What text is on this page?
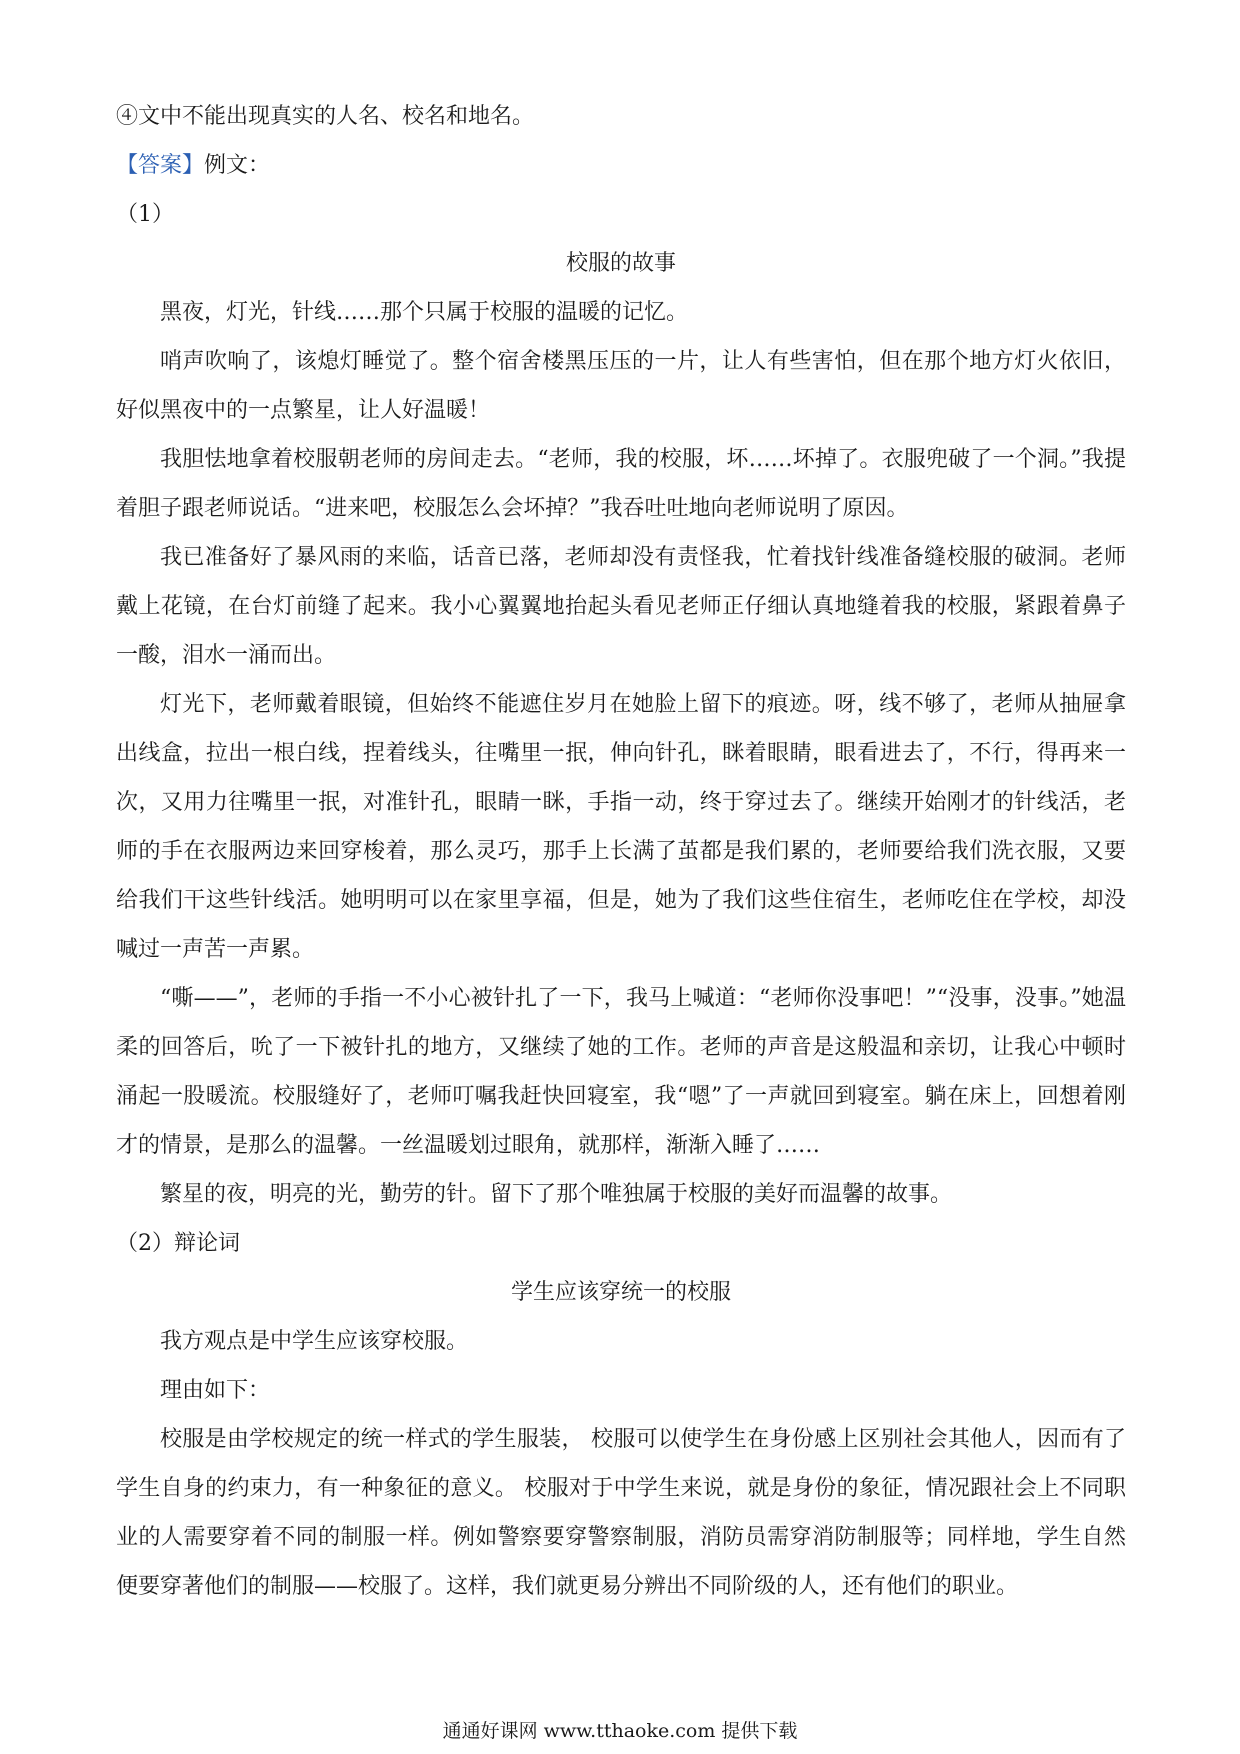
④文中不能出现真实的人名、校名和地名。

【答案】例文：

（1）

校服的故事

黑夜，灯光，针线……那个只属于校服的温暖的记忆。

哨声吹响了，该熄灯睡觉了。整个宿舍楼黑压压的一片，让人有些害怕，但在那个地方灯火依旧，好似黑夜中的一点繁星，让人好温暖！

我胆怯地拿着校服朝老师的房间走去。“老师，我的校服，坏……坏掉了。衣服兜破了一个洞。”我提着胆子跟老师说话。“进来吧，校服怎么会坏掉？”我吞吐吐地向老师说明了原因。

我已准备好了暴风雨的来临，话音已落，老师却没有责怪我，忙着找针线准备缝校服的破洞。老师戴上花镜，在台灯前缝了起来。我小心翼翼地抬起头看见老师正仔细认真地缝着我的校服，紧跟着鼻子一酸，泪水一涌而出。

灯光下，老师戴着眼镜，但始终不能遮住岁月在她脸上留下的痕迹。呀，线不够了，老师从抽屉拿出线盒，拉出一根白线，捏着线头，往嘴里一抿，伸向针孔，眯着眼睛，眼看进去了，不行，得再来一次，又用力往嘴里一抿，对准针孔，眼睛一眯，手指一动，终于穿过去了。继续开始刚才的针线活，老师的手在衣服两边来回穿梭着，那么灵巧，那手上长满了茧都是我们累的，老师要给我们洗衣服，又要给我们干这些针线活。她明明可以在家里享福，但是，她为了我们这些住宿生，老师吃住在学校，却没喊过一声苦一声累。

“嘶——”，老师的手指一不小心被针扎了一下，我马上喊道：“老师你没事吧！”“没事，没事。”她温柔的回答后，吮了一下被针扎的地方，又继续了她的工作。老师的声音是这般温和亲切，让我心中顿时涌起一股暖流。校服缝好了，老师叮嘱我赶快回寝室，我“嗯”了一声就回到寝室。躺在床上，回想着刚才的情景，是那么的温馨。一丝温暖划过眼角，就那样，渐渐入睡了……

繁星的夜，明亮的光，勤劳的针。留下了那个唯独属于校服的美好而温馨的故事。

（2）辩论词

学生应该穿统一的校服

我方观点是中学生应该穿校服。

理由如下：

校服是由学校规定的统一样式的学生服装， 校服可以使学生在身份感上区别社会其他人，因而有了学生自身的约束力，有一种象征的意义。 校服对于中学生来说，就是身份的象征，情况跟社会上不同职业的人需要穿着不同的制服一样。例如警察要穿警察制服，消防员需穿消防制服等；同样地，学生自然便要穿著他们的制服——校服了。这样，我们就更易分辨出不同阶级的人，还有他们的职业。

通通好课网 www.tthaoke.com 提供下载
